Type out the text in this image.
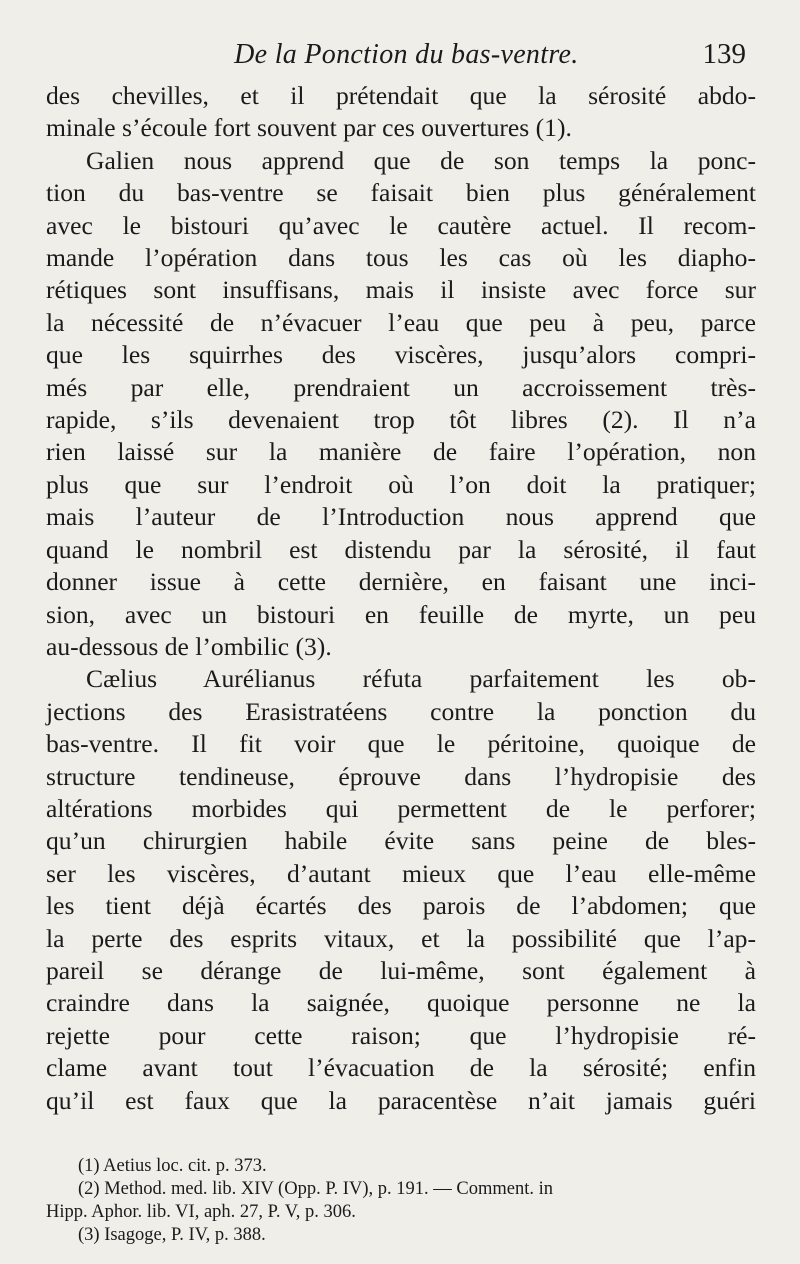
De la Ponction du bas-ventre.	139
des chevilles, et il prétendait que la sérosité abdo-
minale s’écoule fort souvent par ces ouvertures (1).
Galien nous apprend que de son temps la ponc-
tion du bas-ventre se faisait bien plus généralement
avec le bistouri qu’avec le cautère actuel. Il recom-
mande l’opération dans tous les cas où les diapho-
rétiques sont insuffisans, mais il insiste avec force sur
la nécessité de n’évacuer l’eau que peu à peu, parce
que les squirrhes des viscères, jusqu’alors compri-
més par elle, prendraient un accroissement très-
rapide, s’ils devenaient trop tôt libres (2). Il n’a
rien laissé sur la manière de faire l’opération, non
plus que sur l’endroit où l’on doit la pratiquer;
mais l’auteur de l’Introduction nous apprend que
quand le nombril est distendu par la sérosité, il faut
donner issue à cette dernière, en faisant une inci-
sion, avec un bistouri en feuille de myrte, un peu
au-dessous de l’ombilic (3).
Cælius Aurélianus réfuta parfaitement les ob-
jections des Erasistratéens contre la ponction du
bas-ventre. Il fit voir que le péritoine, quoique de
structure tendineuse, éprouve dans l’hydropisie des
altérations morbides qui permettent de le perforer;
qu’un chirurgien habile évite sans peine de bles-
ser les viscères, d’autant mieux que l’eau elle-même
les tient déjà écartés des parois de l’abdomen; que
la perte des esprits vitaux, et la possibilité que l’ap-
pareil se dérange de lui-même, sont également à
craindre dans la saignée, quoique personne ne la
rejette pour cette raison; que l’hydropisie ré-
clame avant tout l’évacuation de la sérosité; enfin
qu’il est faux que la paracentèse n’ait jamais guéri
(1) Aetius loc. cit. p. 373.
(2) Method. med. lib. XIV (Opp. P. IV), p. 191. — Comment. in
Hipp. Aphor. lib. VI, aph. 27, P. V, p. 306.
(3) Isagoge, P. IV, p. 388.
